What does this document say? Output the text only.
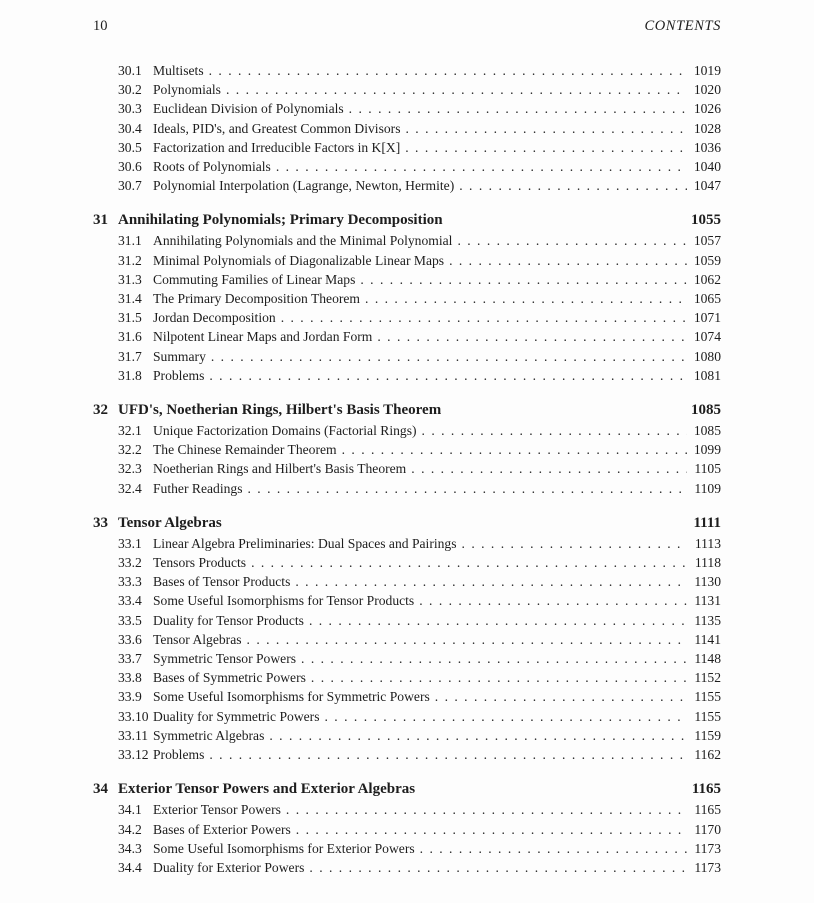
10	CONTENTS
30.1 Multisets . . .	1019
30.2 Polynomials . . .	1020
30.3 Euclidean Division of Polynomials . . .	1026
30.4 Ideals, PID's, and Greatest Common Divisors . . .	1028
30.5 Factorization and Irreducible Factors in K[X] . . .	1036
30.6 Roots of Polynomials . . .	1040
30.7 Polynomial Interpolation (Lagrange, Newton, Hermite) . . .	1047
31 Annihilating Polynomials; Primary Decomposition	1055
31.1 Annihilating Polynomials and the Minimal Polynomial . . .	1057
31.2 Minimal Polynomials of Diagonalizable Linear Maps . . .	1059
31.3 Commuting Families of Linear Maps . . .	1062
31.4 The Primary Decomposition Theorem . . .	1065
31.5 Jordan Decomposition . . .	1071
31.6 Nilpotent Linear Maps and Jordan Form . . .	1074
31.7 Summary . . .	1080
31.8 Problems . . .	1081
32 UFD's, Noetherian Rings, Hilbert's Basis Theorem	1085
32.1 Unique Factorization Domains (Factorial Rings) . . .	1085
32.2 The Chinese Remainder Theorem . . .	1099
32.3 Noetherian Rings and Hilbert's Basis Theorem . . .	1105
32.4 Futher Readings . . .	1109
33 Tensor Algebras	1111
33.1 Linear Algebra Preliminaries: Dual Spaces and Pairings . . .	1113
33.2 Tensors Products . . .	1118
33.3 Bases of Tensor Products . . .	1130
33.4 Some Useful Isomorphisms for Tensor Products . . .	1131
33.5 Duality for Tensor Products . . .	1135
33.6 Tensor Algebras . . .	1141
33.7 Symmetric Tensor Powers . . .	1148
33.8 Bases of Symmetric Powers . . .	1152
33.9 Some Useful Isomorphisms for Symmetric Powers . . .	1155
33.10 Duality for Symmetric Powers . . .	1155
33.11 Symmetric Algebras . . .	1159
33.12 Problems . . .	1162
34 Exterior Tensor Powers and Exterior Algebras	1165
34.1 Exterior Tensor Powers . . .	1165
34.2 Bases of Exterior Powers . . .	1170
34.3 Some Useful Isomorphisms for Exterior Powers . . .	1173
34.4 Duality for Exterior Powers . . .	1173
